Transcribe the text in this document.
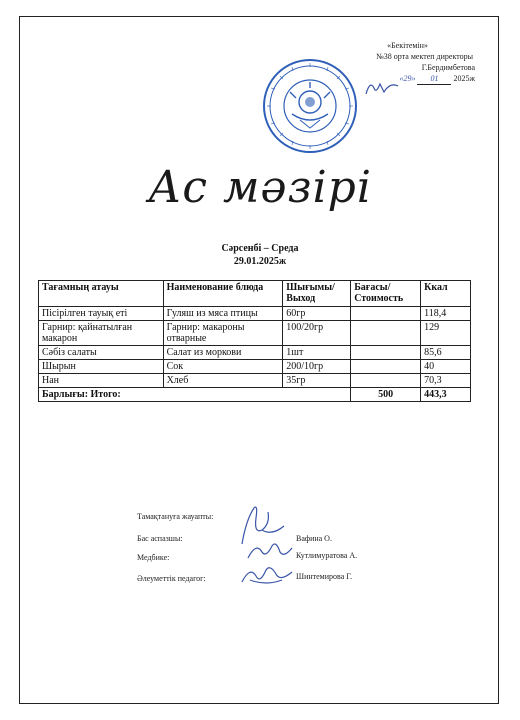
«Бекітемін»
№38 орта мектеп директоры
Г.Бердимбетова
«29» 01 2025ж
Ас мәзірі
Сәрсенбі – Среда
29.01.2025ж
Тағамның атауы	Наименование блюда	Шығымы/ Выход	Бағасы/ Стоимость	Ккал
Пісірілген тауық еті	Гуляш из мяса птицы	60гр		118,4
Гарнир: қайнатылған макарон	Гарнир: макароны отварные	100/20гр		129
Сәбіз салаты	Салат из моркови	1шт		85,6
Шырын	Сок	200/10гр		40
Нан	Хлеб	35гр		70,3
Барлығы: Итого:			500	443,3
Тамақтануға жауапты:
Бас аспазшы:	Вафина О.
Медбике:	Кутлимуратова А.
Әлеуметтік педагог:	Шинтемирова Г.
